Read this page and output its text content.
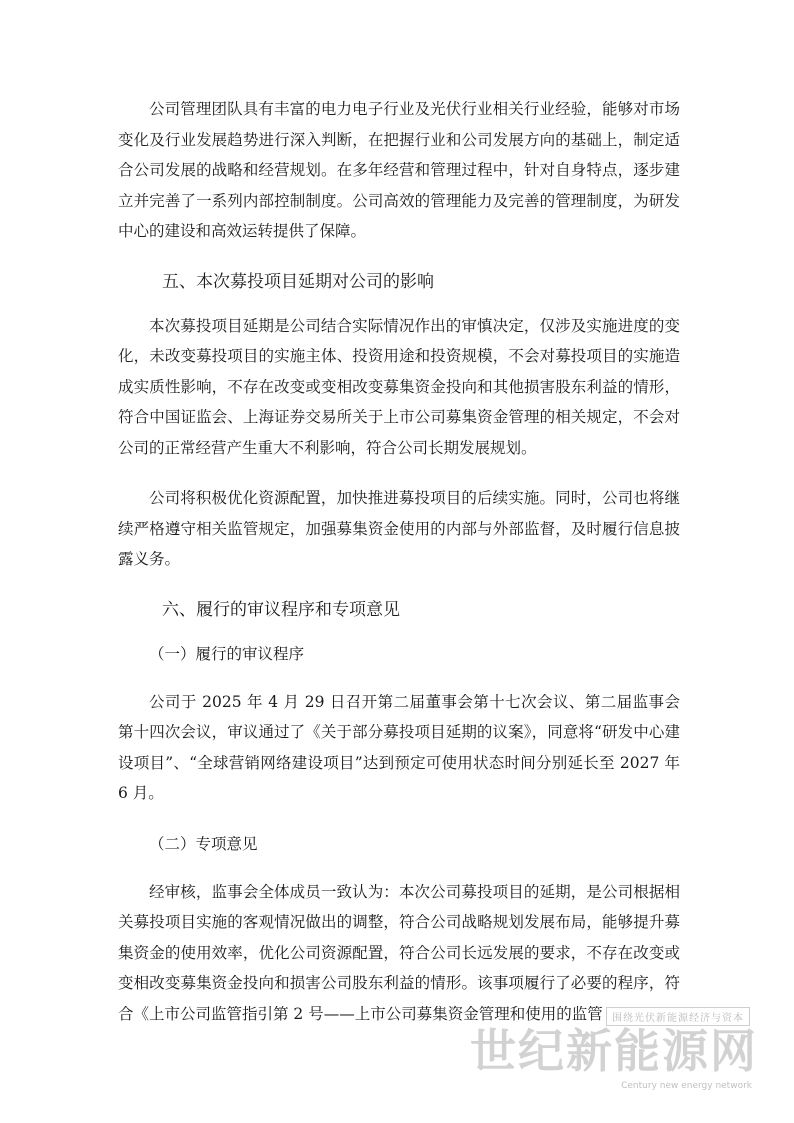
公司管理团队具有丰富的电力电子行业及光伏行业相关行业经验，能够对市场变化及行业发展趋势进行深入判断，在把握行业和公司发展方向的基础上，制定适合公司发展的战略和经营规划。在多年经营和管理过程中，针对自身特点，逐步建立并完善了一系列内部控制制度。公司高效的管理能力及完善的管理制度，为研发中心的建设和高效运转提供了保障。

五、本次募投项目延期对公司的影响

本次募投项目延期是公司结合实际情况作出的审慎决定，仅涉及实施进度的变化，未改变募投项目的实施主体、投资用途和投资规模，不会对募投项目的实施造成实质性影响，不存在改变或变相改变募集资金投向和其他损害股东利益的情形，符合中国证监会、上海证券交易所关于上市公司募集资金管理的相关规定，不会对公司的正常经营产生重大不利影响，符合公司长期发展规划。

公司将积极优化资源配置，加快推进募投项目的后续实施。同时，公司也将继续严格遵守相关监管规定，加强募集资金使用的内部与外部监督，及时履行信息披露义务。

六、履行的审议程序和专项意见
（一）履行的审议程序

公司于 2025 年 4 月 29 日召开第二届董事会第十七次会议、第二届监事会第十四次会议，审议通过了《关于部分募投项目延期的议案》，同意将“研发中心建设项目”、“全球营销网络建设项目”达到预定可使用状态时间分别延长至 2027 年 6 月。

（二）专项意见

经审核，监事会全体成员一致认为：本次公司募投项目的延期，是公司根据相关募投项目实施的客观情况做出的调整，符合公司战略规划发展布局，能够提升募集资金的使用效率，优化公司资源配置，符合公司长远发展的要求，不存在改变或变相改变募集资金投向和损害公司股东利益的情形。该事项履行了必要的程序，符合《上市公司监管指引第 2 号——上市公司募集资金管理和使用的监管 围绕光伏新能源经济与资本
世纪新能源网
Century new energy network
